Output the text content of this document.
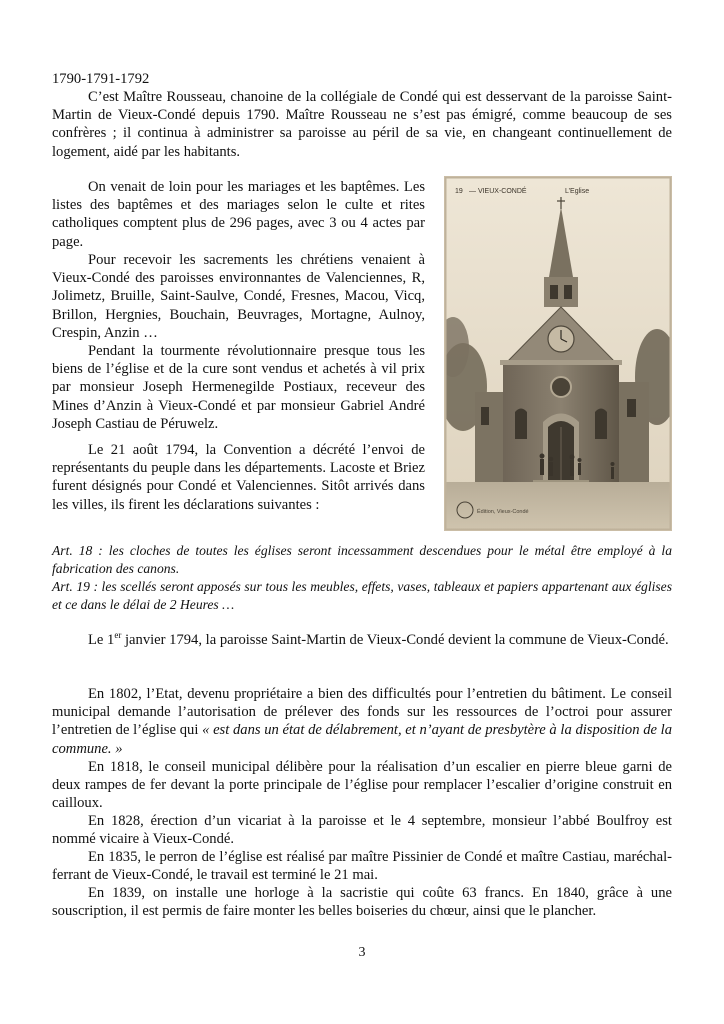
1790-1791-1792

C’est Maître Rousseau, chanoine de la collégiale de Condé qui est desservant de la paroisse Saint-Martin de Vieux-Condé depuis 1790. Maître Rousseau ne s’est pas émigré, comme beaucoup de ses confrères ; il continua à administrer sa paroisse au péril de sa vie, en changeant continuellement de logement, aidé par les habitants.

On venait de loin pour les mariages et les baptêmes. Les listes des baptêmes et des mariages selon le culte et rites catholiques comptent plus de 296 pages, avec 3 ou 4 actes par page.

Pour recevoir les sacrements les chrétiens venaient à Vieux-Condé des paroisses environnantes de Valenciennes, R, Jolimetz, Bruille, Saint-Saulve, Condé, Fresnes, Macou, Vicq, Brillon, Hergnies, Bouchain, Beuvrages, Mortagne, Aulnoy, Crespin, Anzin …

Pendant la tourmente révolutionnaire presque tous les biens de l’église et de la cure sont vendus et achetés à vil prix par monsieur Joseph Hermenegilde Postiaux, receveur des Mines d’Anzin à Vieux-Condé et par monsieur Gabriel André Joseph Castiau de Péruwelz.

Le 21 août 1794, la Convention a décrété l’envoi de représentants du peuple dans les départements. Lacoste et Briez furent désignés pour Condé et Valenciennes. Sitôt arrivés dans les villes, ils firent les déclarations suivantes :

Art. 18 : les cloches de toutes les églises seront incessamment descendues pour le métal être employé à la fabrication des canons.

Art. 19 : les scellés seront apposés sur tous les meubles, effets, vases, tableaux et papiers appartenant aux églises et ce dans le délai de 2 Heures …

Le 1er janvier 1794, la paroisse Saint-Martin de Vieux-Condé devient la commune de Vieux-Condé.

En 1802, l’Etat, devenu propriétaire a bien des difficultés pour l’entretien du bâtiment. Le conseil municipal demande l’autorisation de prélever des fonds sur les ressources de l’octroi pour assurer l’entretien de l’église qui « est dans un état de délabrement, et n’ayant de presbytère à la disposition de la commune. »

En 1818, le conseil municipal délibère pour la réalisation d’un escalier en pierre bleue garni de deux rampes de fer devant la porte principale de l’église pour remplacer l’escalier d’origine construit en cailloux.

En 1828, érection d’un vicariat à la paroisse et le 4 septembre, monsieur l’abbé Boulfroy est nommé vicaire à Vieux-Condé.

En 1835, le perron de l’église est réalisé par maître Pissinier de Condé et maître Castiau, maréchal-ferrant de Vieux-Condé, le travail est terminé le 21 mai.

En 1839, on installe une horloge à la sacristie qui coûte 63 francs. En 1840, grâce à une souscription, il est permis de faire monter les belles boiseries du chœur, ainsi que le plancher.

3
19 — VIEUX-CONDÉ	L’Eglise
Édition, Vieux-Condé
